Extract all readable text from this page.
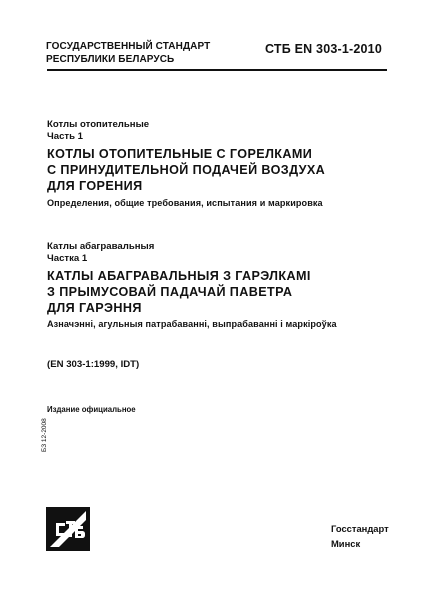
ГОСУДАРСТВЕННЫЙ СТАНДАРТ
РЕСПУБЛИКИ БЕЛАРУСЬ
СТБ EN 303-1-2010
Котлы отопительные
Часть 1
КОТЛЫ ОТОПИТЕЛЬНЫЕ С ГОРЕЛКАМИ
С ПРИНУДИТЕЛЬНОЙ ПОДАЧЕЙ ВОЗДУХА
ДЛЯ ГОРЕНИЯ
Определения, общие требования, испытания и маркировка
Катлы абагравальныя
Частка 1
КАТЛЫ АБАГРАВАЛЬНЫЯ З ГАРЭЛКАМІ
З ПРЫМУСОВАЙ ПАДАЧАЙ ПАВЕТРА
ДЛЯ ГАРЭННЯ
Азначэнні, агульныя патрабаванні, выпрабаванні і маркіроўка
(EN 303-1:1999, IDT)
Издание официальное
БЗ 12-2008
Госстандарт
Минск
